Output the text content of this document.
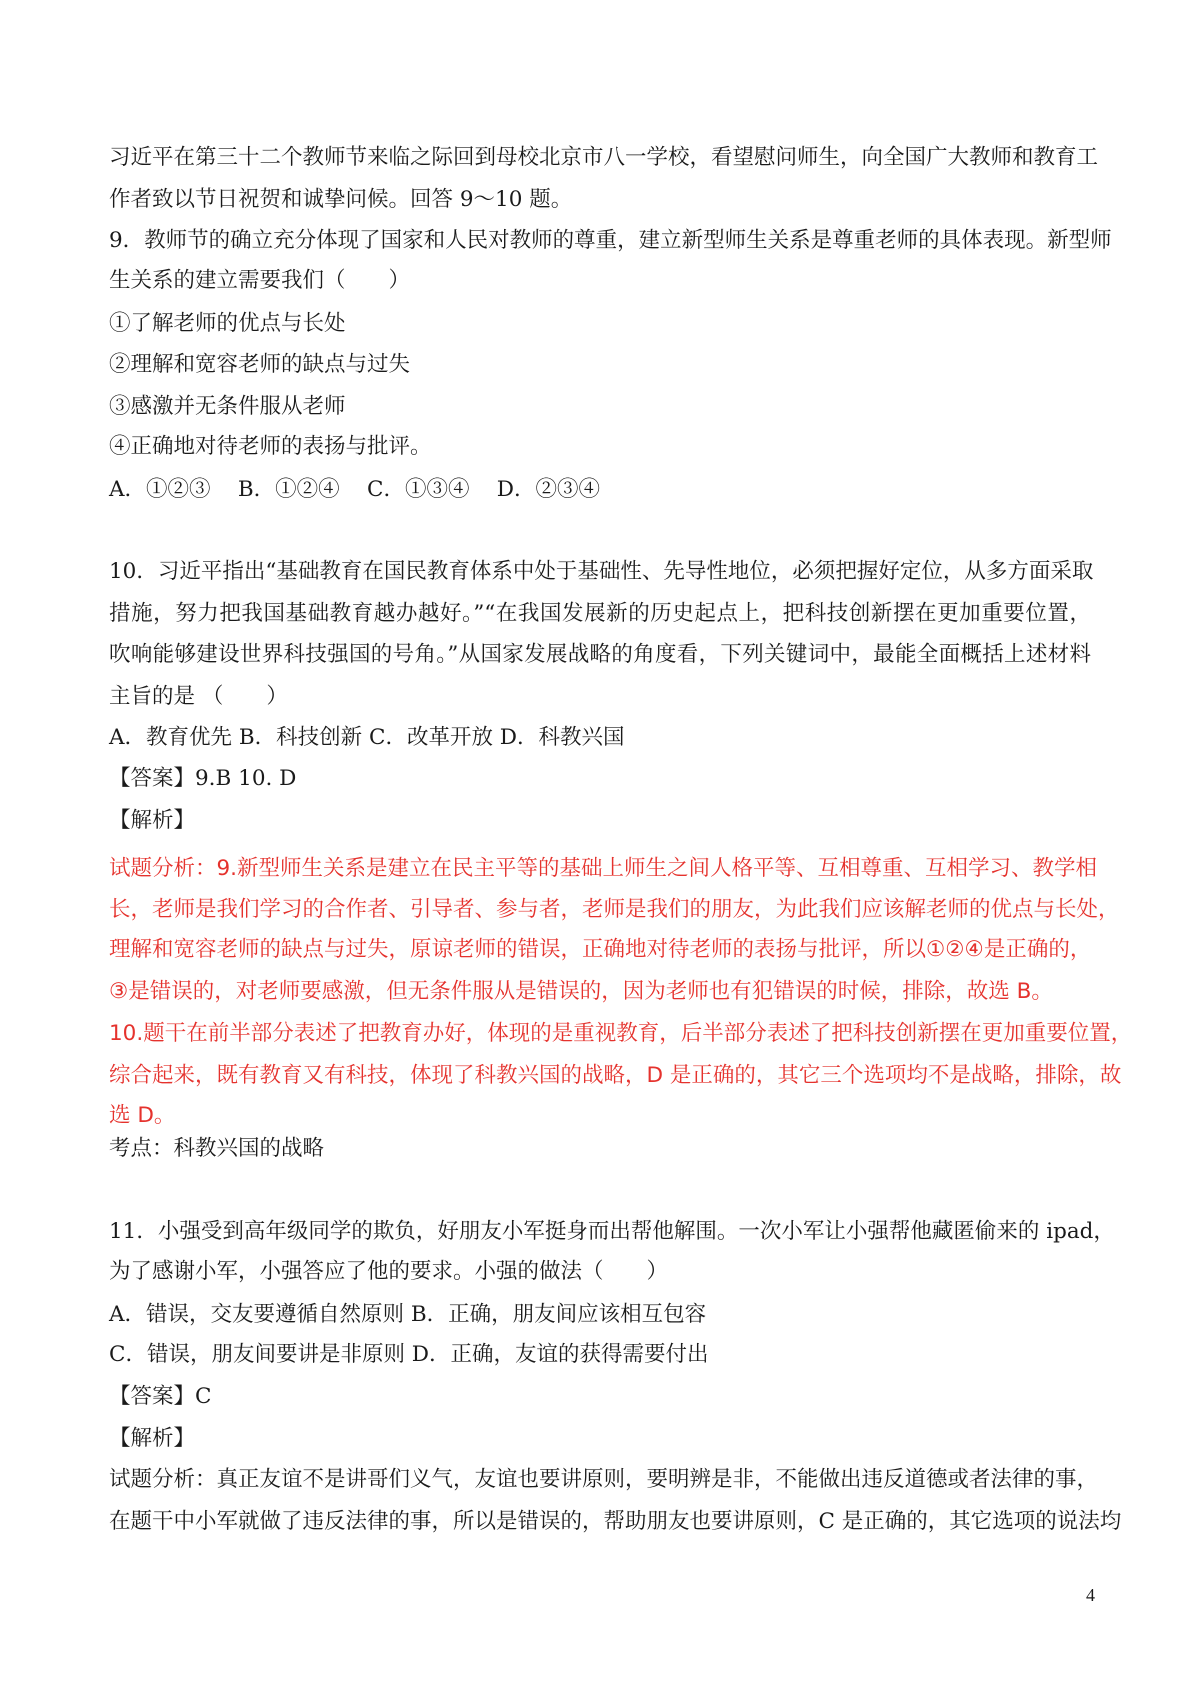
习近平在第三十二个教师节来临之际回到母校北京市八一学校，看望慰问师生，向全国广大教师和教育工
作者致以节日祝贺和诚挚问候。回答 9～10 题。
9．教师节的确立充分体现了国家和人民对教师的尊重，建立新型师生关系是尊重老师的具体表现。新型师
生关系的建立需要我们（　　）
①了解老师的优点与长处
②理解和宽容老师的缺点与过失
③感激并无条件服从老师
④正确地对待老师的表扬与批评。
A．①②③    B．①②④    C．①③④    D．②③④
10．习近平指出“基础教育在国民教育体系中处于基础性、先导性地位，必须把握好定位，从多方面采取
措施，努力把我国基础教育越办越好。”“在我国发展新的历史起点上，把科技创新摆在更加重要位置，
吹响能够建设世界科技强国的号角。”从国家发展战略的角度看，下列关键词中，最能全面概括上述材料
主旨的是 （　　）
A．教育优先 B．科技创新 C．改革开放 D．科教兴国
【答案】9.B 10. D
【解析】
试题分析：9.新型师生关系是建立在民主平等的基础上师生之间人格平等、互相尊重、互相学习、教学相
长，老师是我们学习的合作者、引导者、参与者，老师是我们的朋友，为此我们应该解老师的优点与长处，
理解和宽容老师的缺点与过失，原谅老师的错误，正确地对待老师的表扬与批评，所以①②④是正确的，
③是错误的，对老师要感激，但无条件服从是错误的，因为老师也有犯错误的时候，排除，故选 B。
10.题干在前半部分表述了把教育办好，体现的是重视教育，后半部分表述了把科技创新摆在更加重要位置，
综合起来，既有教育又有科技，体现了科教兴国的战略，D 是正确的，其它三个选项均不是战略，排除，故
选 D。
考点：科教兴国的战略
11．小强受到高年级同学的欺负，好朋友小军挺身而出帮他解围。一次小军让小强帮他藏匿偷来的 ipad，
为了感谢小军，小强答应了他的要求。小强的做法（　　）
A．错误，交友要遵循自然原则 B．正确，朋友间应该相互包容
C．错误，朋友间要讲是非原则 D．正确，友谊的获得需要付出
【答案】C
【解析】
试题分析：真正友谊不是讲哥们义气，友谊也要讲原则，要明辨是非，不能做出违反道德或者法律的事，
在题干中小军就做了违反法律的事，所以是错误的，帮助朋友也要讲原则，C 是正确的，其它选项的说法均
4
